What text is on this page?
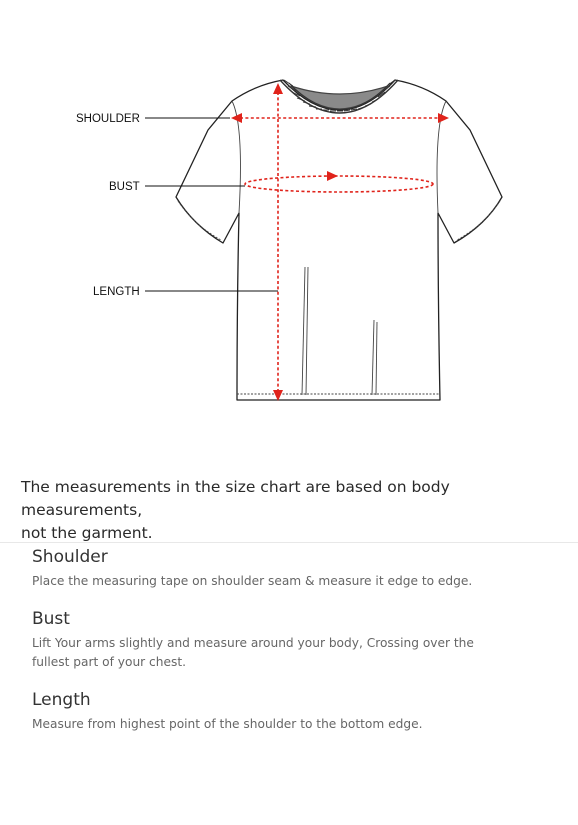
SHOULDER
BUST
LENGTH

The measurements in the size chart are based on body measurements,
not the garment.

Shoulder

Place the measuring tape on shoulder seam & measure it edge to edge.

Bust

Lift Your arms slightly and measure around your body, Crossing over the fullest part of your chest.

Length

Measure from highest point of the shoulder to the bottom edge.
